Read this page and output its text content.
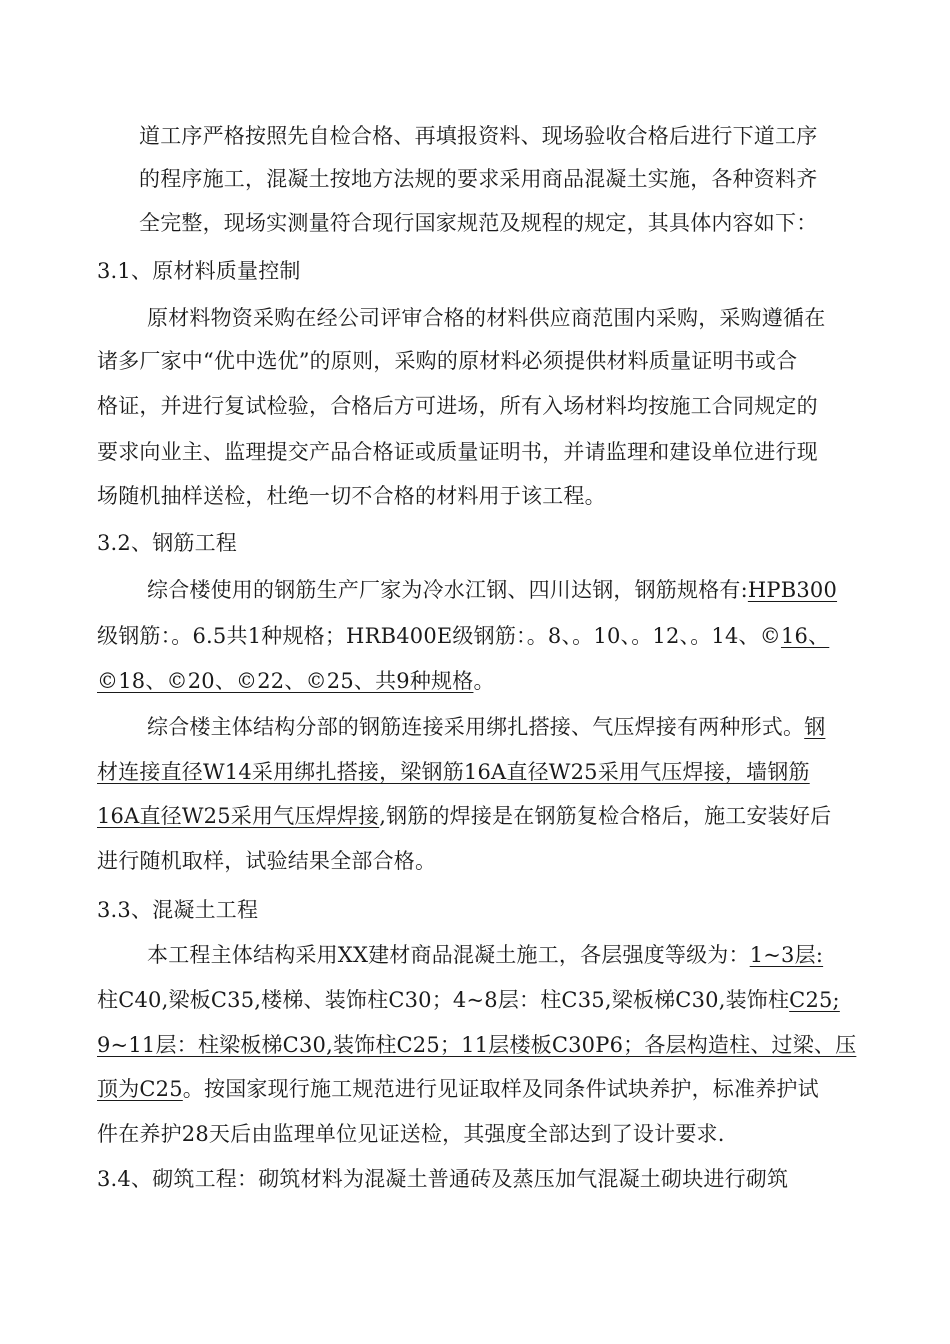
道工序严格按照先自检合格、再填报资料、现场验收合格后进行下道工序
的程序施工，混凝土按地方法规的要求采用商品混凝土实施，各种资料齐
全完整，现场实测量符合现行国家规范及规程的规定，其具体内容如下：
3.1、原材料质量控制
原材料物资采购在经公司评审合格的材料供应商范围内采购，采购遵循在
诸多厂家中“优中选优”的原则，采购的原材料必须提供材料质量证明书或合
格证，并进行复试检验，合格后方可进场，所有入场材料均按施工合同规定的
要求向业主、监理提交产品合格证或质量证明书，并请监理和建设单位进行现
场随机抽样送检，杜绝一切不合格的材料用于该工程。
3.2、钢筋工程
综合楼使用的钢筋生产厂家为冷水江钢、四川达钢，钢筋规格有:HPB300
级钢筋：。6.5共1种规格；HRB400E级钢筋：。8、。10、。12、。14、©16、
©18、©20、©22、©25、共9种规格。
综合楼主体结构分部的钢筋连接采用绑扎搭接、气压焊接有两种形式。钢
材连接直径W14采用绑扎搭接，梁钢筋16A直径W25采用气压焊接，墙钢筋
16A直径W25采用气压焊焊接,钢筋的焊接是在钢筋复检合格后，施工安装好后
进行随机取样，试验结果全部合格。
3.3、混凝土工程
本工程主体结构采用XX建材商品混凝土施工，各层强度等级为：1~3层:
柱C40,梁板C35,楼梯、装饰柱C30；4~8层：柱C35,梁板梯C30,装饰柱C25;
9~11层：柱梁板梯C30,装饰柱C25；11层楼板C30P6；各层构造柱、过梁、压
顶为C25。按国家现行施工规范进行见证取样及同条件试块养护，标准养护试
件在养护28天后由监理单位见证送检，其强度全部达到了设计要求.
3.4、砌筑工程：砌筑材料为混凝土普通砖及蒸压加气混凝土砌块进行砌筑
